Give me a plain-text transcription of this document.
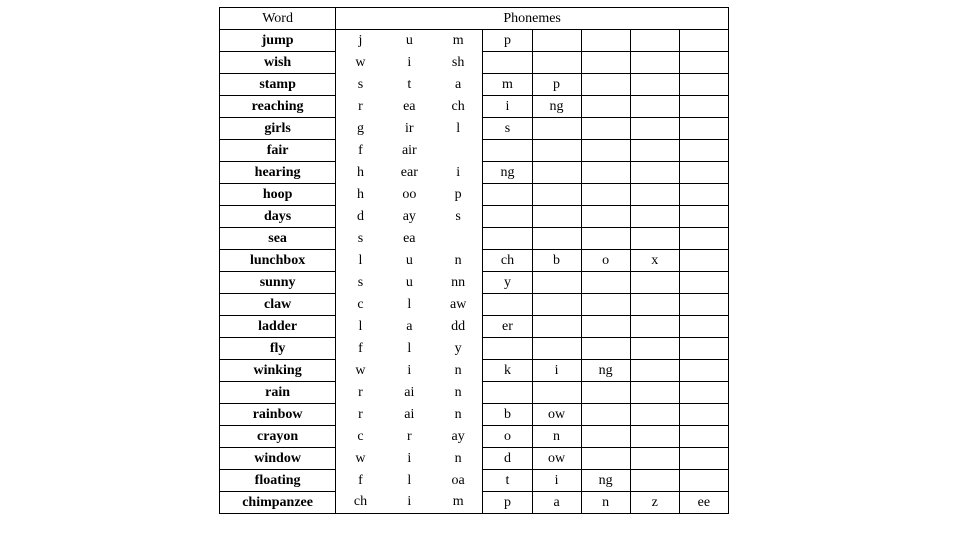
Word	Phonemes							
jump	j	u	m	p				
wish	w	i	sh					
stamp	s	t	a	m	p			
reaching	r	ea	ch	i	ng			
girls	g	ir	l	s				
fair	f	air						
hearing	h	ear	i	ng				
hoop	h	oo	p					
days	d	ay	s					
sea	s	ea						
lunchbox	l	u	n	ch	b	o	x	
sunny	s	u	nn	y				
claw	c	l	aw					
ladder	l	a	dd	er				
fly	f	l	y					
winking	w	i	n	k	i	ng		
rain	r	ai	n					
rainbow	r	ai	n	b	ow			
crayon	c	r	ay	o	n			
window	w	i	n	d	ow			
floating	f	l	oa	t	i	ng		
chimpanzee	ch	i	m	p	a	n	z	ee
